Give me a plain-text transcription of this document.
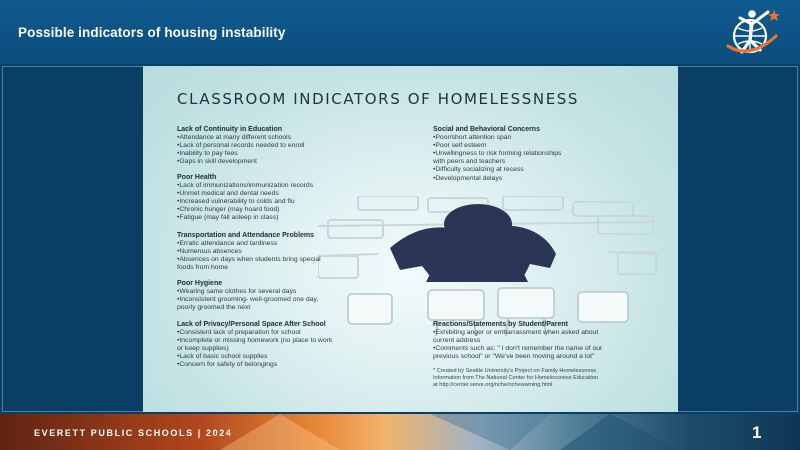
Possible indicators of housing instability
CLASSROOM INDICATORS OF HOMELESSNESS
Lack of Continuity in Education
•Attendance at many different schools
•Lack of personal records needed to enroll
•Inability to pay fees
•Gaps in skill development
Poor Health
•Lack of immunizations/immunization records
•Unmet medical and dental needs
•Increased vulnerability to colds and flu
•Chronic hunger (may hoard food)
•Fatigue (may fall asleep in class)
Transportation and Attendance Problems
•Erratic attendance and tardiness
•Numerous absences
•Absences on days when students bring special
foods from home
Poor Hygiene
•Wearing same clothes for several days
•Inconsistent grooming- well-groomed one day,
poorly groomed the next
Lack of Privacy/Personal Space After School
•Consistent lack of preparation for school
•Incomplete or missing homework (no place to work
or keep supplies)
•Lack of basic school supplies
•Concern for safety of belongings
Social and Behavioral Concerns
•Poor/short attention span
•Poor self esteem
•Unwillingness to risk forming relationships
with peers and teachers
•Difficulty socializing at recess
•Developmental delays
Reactions/Statements by Student/Parent
•Exhibiting anger or embarrassment when asked about
current address
•Comments such as: " I don't remember the name of our
previous school" or "We've been moving around a lot"
* Created by Seattle University's Project on Family Homelessness
Information from The National Center for Homelessness Education
at http://center.serve.org/nche/nchewarning.html
EVERETT PUBLIC SCHOOLS | 2024	1
